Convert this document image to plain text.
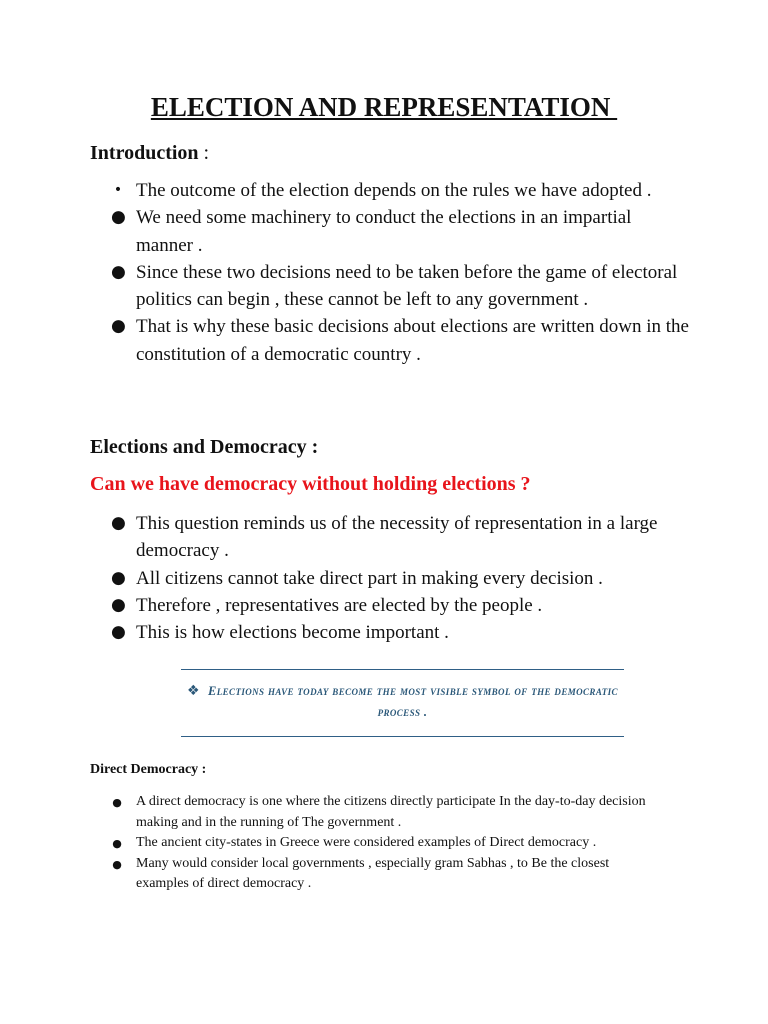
ELECTION AND REPRESENTATION
Introduction :
• The outcome of the election depends on the rules we have adopted .
● We need some machinery to conduct the elections in an impartial manner .
● Since these two decisions need to be taken before the game of electoral politics can begin , these cannot be left to any government .
● That is why these basic decisions about elections are written down in the constitution of a democratic country .
Elections and Democracy :
Can we have democracy without holding elections ?
● This question reminds us of the necessity of representation in a large democracy .
● All citizens cannot take direct part in making every decision .
● Therefore , representatives are elected by the people .
● This is how elections become important .
❖ Elections have today become the most visible symbol of the democratic process .
Direct Democracy :
● A direct democracy is one where the citizens directly participate In the day-to-day decision making and in the running of The government .
● The ancient city-states in Greece were considered examples of Direct democracy .
● Many would consider local governments , especially gram Sabhas , to Be the closest examples of direct democracy .
